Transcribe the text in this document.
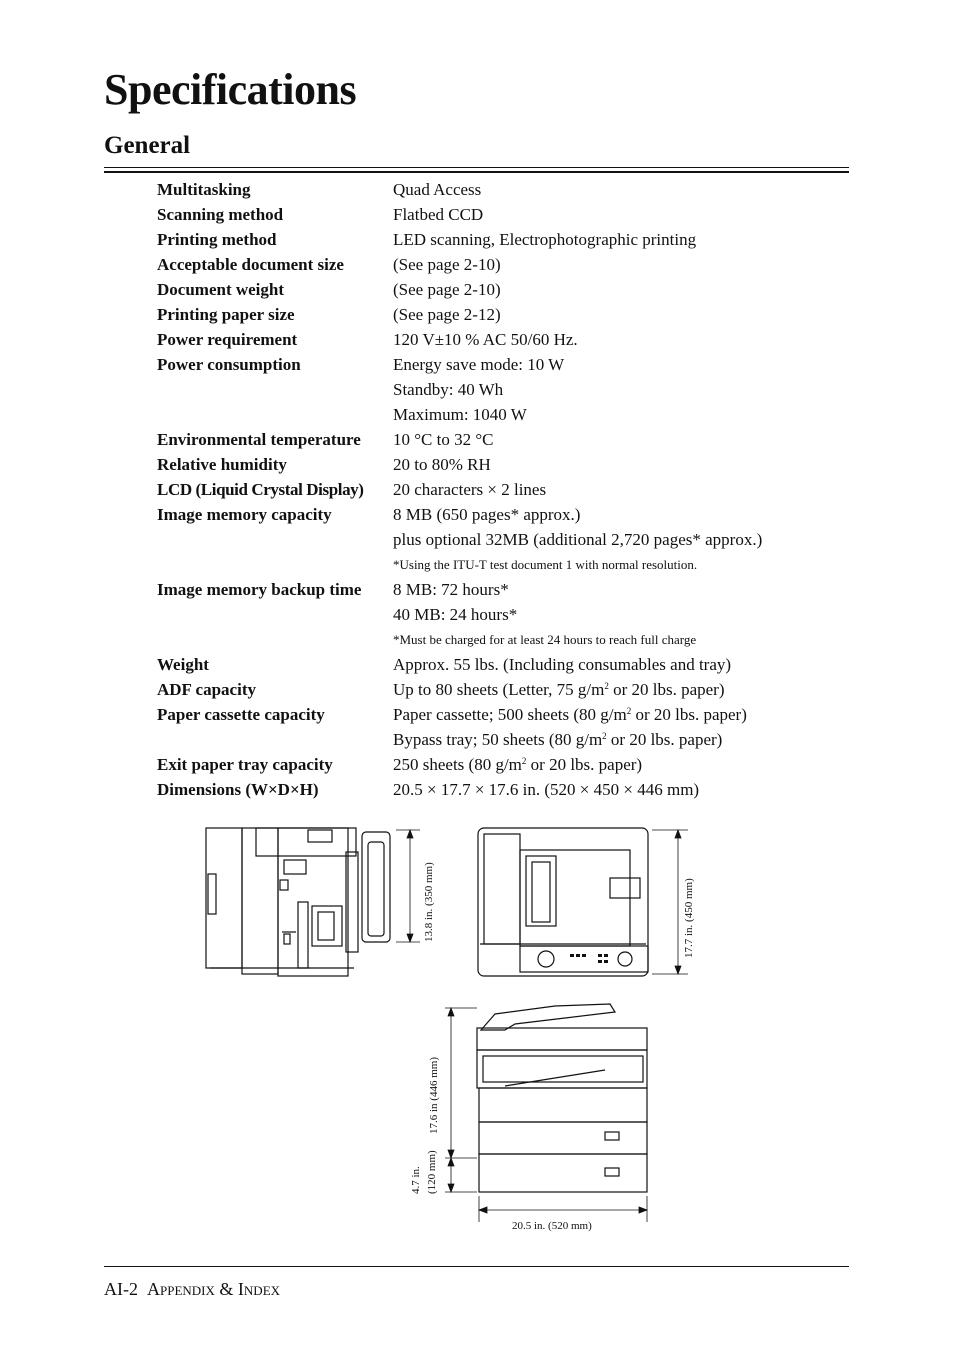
Specifications
General
Multitasking	Quad Access
Scanning method	Flatbed CCD
Printing method	LED scanning, Electrophotographic printing
Acceptable document size	(See page 2-10)
Document weight	(See page 2-10)
Printing paper size	(See page 2-12)
Power requirement	120 V±10 % AC 50/60 Hz.
Power consumption	Energy save mode: 10 W
Standby: 40 Wh
Maximum: 1040 W
Environmental temperature	10 °C to 32 °C
Relative humidity	20 to 80% RH
LCD (Liquid Crystal Display)	20 characters × 2 lines
Image memory capacity	8 MB (650 pages* approx.)
plus optional 32MB (additional 2,720 pages* approx.)
*Using the ITU-T test document 1 with normal resolution.
Image memory backup time	8 MB: 72 hours*
40 MB: 24 hours*
*Must be charged for at least 24 hours to reach full charge
Weight	Approx. 55 lbs. (Including consumables and tray)
ADF capacity	Up to 80 sheets (Letter, 75 $g/m^2$ or 20 lbs. paper)
Paper cassette capacity	Paper cassette; 500 sheets (80 $g/m^2$ or 20 lbs. paper)
Bypass tray; 50 sheets (80 $g/m^2$ or 20 lbs. paper)
Exit paper tray capacity	250 sheets (80 $g/m^2$ or 20 lbs. paper)
Dimensions (W×D×H)	20.5 × 17.7 × 17.6 in. (520 × 450 × 446 mm)
13.8 in. (350 mm)	17.7 in. (450 mm)
17.6 in (446 mm)
4.7 in. (120 mm)
20.5 in. (520 mm)
AI-2 APPENDIX & INDEX
